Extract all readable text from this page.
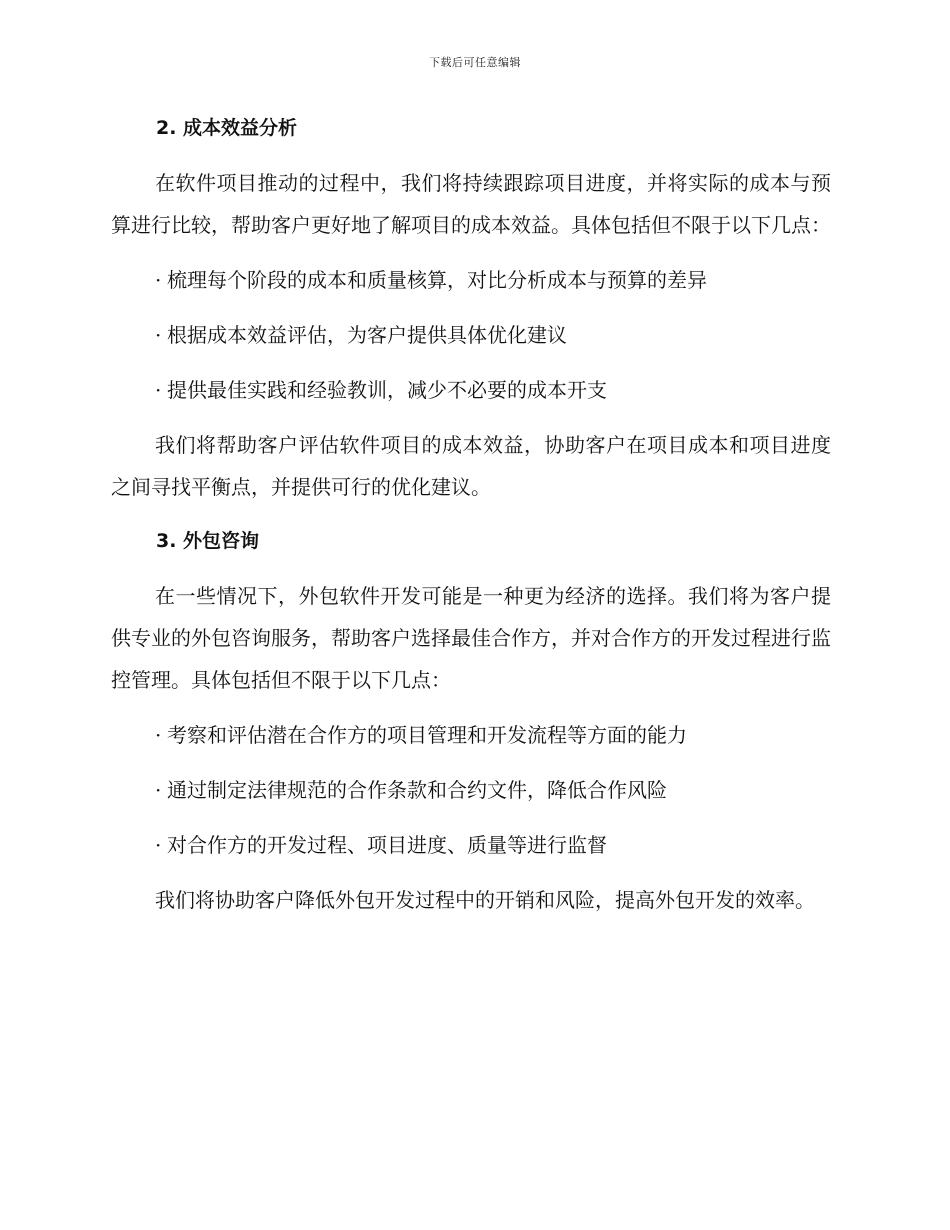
下载后可任意编辑
2. 成本效益分析

在软件项目推动的过程中，我们将持续跟踪项目进度，并将实际的成本与预算进行比较，帮助客户更好地了解项目的成本效益。具体包括但不限于以下几点：

· 梳理每个阶段的成本和质量核算，对比分析成本与预算的差异
· 根据成本效益评估，为客户提供具体优化建议
· 提供最佳实践和经验教训，减少不必要的成本开支

我们将帮助客户评估软件项目的成本效益，协助客户在项目成本和项目进度之间寻找平衡点，并提供可行的优化建议。

3. 外包咨询

在一些情况下，外包软件开发可能是一种更为经济的选择。我们将为客户提供专业的外包咨询服务，帮助客户选择最佳合作方，并对合作方的开发过程进行监控管理。具体包括但不限于以下几点：

· 考察和评估潜在合作方的项目管理和开发流程等方面的能力
· 通过制定法律规范的合作条款和合约文件，降低合作风险
· 对合作方的开发过程、项目进度、质量等进行监督

我们将协助客户降低外包开发过程中的开销和风险，提高外包开发的效率。
